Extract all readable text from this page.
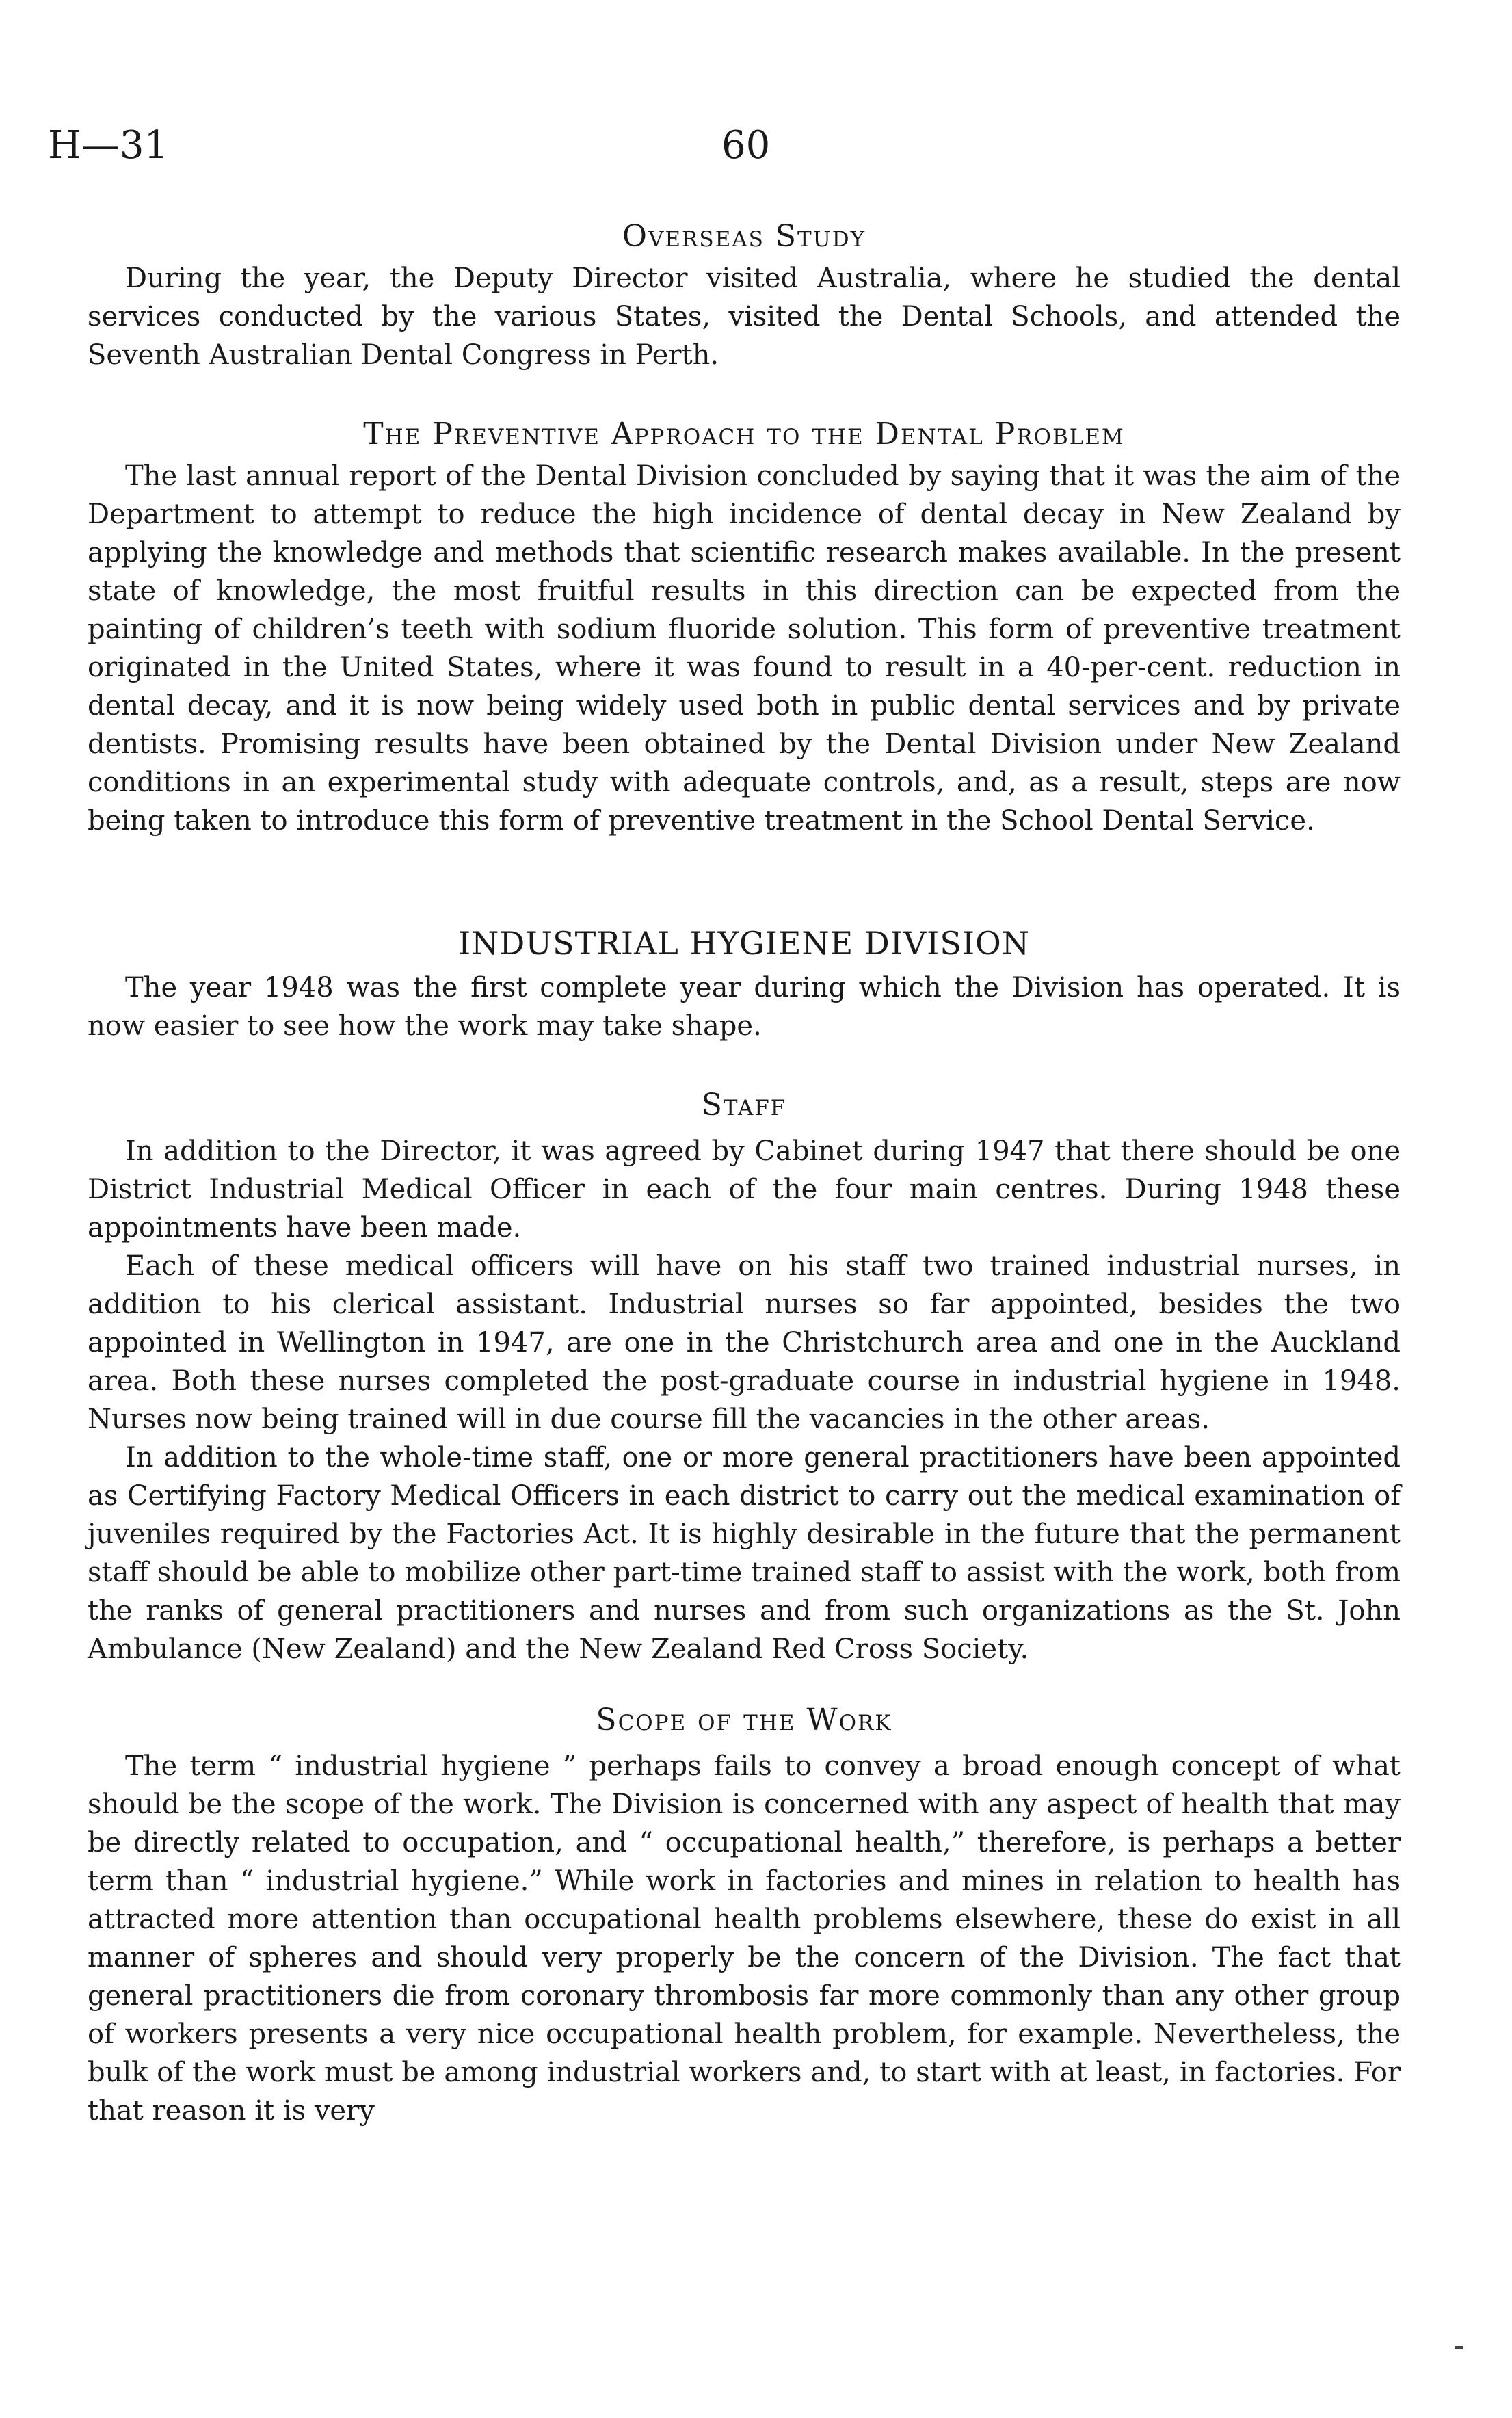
H—31	60
Overseas Study

During the year, the Deputy Director visited Australia, where he studied the dental services conducted by the various States, visited the Dental Schools, and attended the Seventh Australian Dental Congress in Perth.

The Preventive Approach to the Dental Problem

The last annual report of the Dental Division concluded by saying that it was the aim of the Department to attempt to reduce the high incidence of dental decay in New Zealand by applying the knowledge and methods that scientific research makes available. In the present state of knowledge, the most fruitful results in this direction can be expected from the painting of children’s teeth with sodium fluoride solution. This form of preventive treatment originated in the United States, where it was found to result in a 40-per-cent. reduction in dental decay, and it is now being widely used both in public dental services and by private dentists. Promising results have been obtained by the Dental Division under New Zealand conditions in an experimental study with adequate controls, and, as a result, steps are now being taken to introduce this form of preventive treatment in the School Dental Service.

INDUSTRIAL HYGIENE DIVISION

The year 1948 was the first complete year during which the Division has operated. It is now easier to see how the work may take shape.

Staff

In addition to the Director, it was agreed by Cabinet during 1947 that there should be one District Industrial Medical Officer in each of the four main centres. During 1948 these appointments have been made.

Each of these medical officers will have on his staff two trained industrial nurses, in addition to his clerical assistant. Industrial nurses so far appointed, besides the two appointed in Wellington in 1947, are one in the Christchurch area and one in the Auckland area. Both these nurses completed the post-graduate course in industrial hygiene in 1948. Nurses now being trained will in due course fill the vacancies in the other areas.

In addition to the whole-time staff, one or more general practitioners have been appointed as Certifying Factory Medical Officers in each district to carry out the medical examination of juveniles required by the Factories Act. It is highly desirable in the future that the permanent staff should be able to mobilize other part-time trained staff to assist with the work, both from the ranks of general practitioners and nurses and from such organizations as the St. John Ambulance (New Zealand) and the New Zealand Red Cross Society.

Scope of the Work

The term “ industrial hygiene ” perhaps fails to convey a broad enough concept of what should be the scope of the work. The Division is concerned with any aspect of health that may be directly related to occupation, and “ occupational health,” therefore, is perhaps a better term than “ industrial hygiene.” While work in factories and mines in relation to health has attracted more attention than occupational health problems elsewhere, these do exist in all manner of spheres and should very properly be the concern of the Division. The fact that general practitioners die from coronary thrombosis far more commonly than any other group of workers presents a very nice occupational health problem, for example. Nevertheless, the bulk of the work must be among industrial workers and, to start with at least, in factories. For that reason it is very
